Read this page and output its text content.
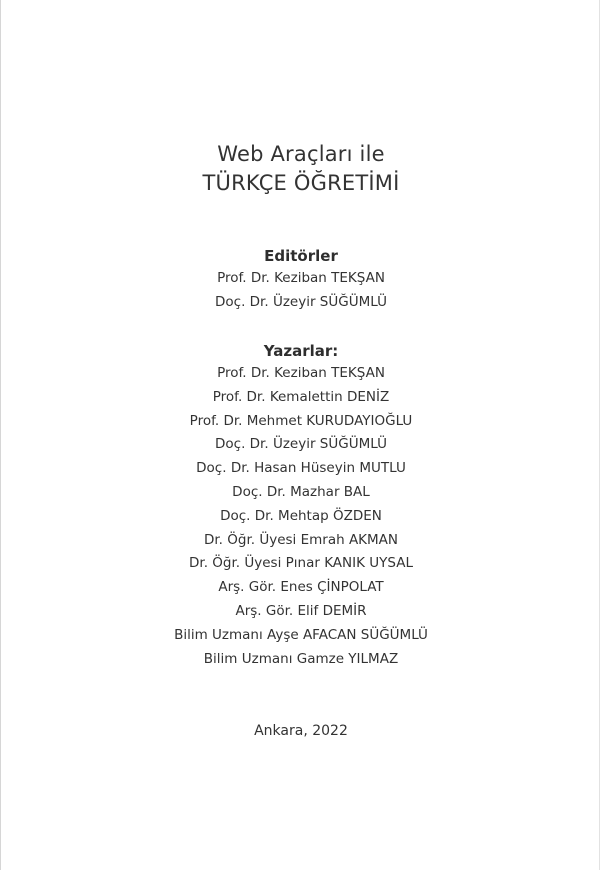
Web Araçları ile
TÜRKÇE ÖĞRETİMİ
Editörler
Prof. Dr. Keziban TEKŞAN
Doç. Dr. Üzeyir SÜĞÜMLÜ
Yazarlar:
Prof. Dr. Keziban TEKŞAN
Prof. Dr. Kemalettin DENİZ
Prof. Dr. Mehmet KURUDAYIOĞLU
Doç. Dr. Üzeyir SÜĞÜMLÜ
Doç. Dr. Hasan Hüseyin MUTLU
Doç. Dr. Mazhar BAL
Doç. Dr. Mehtap ÖZDEN
Dr. Öğr. Üyesi Emrah AKMAN
Dr. Öğr. Üyesi Pınar KANIK UYSAL
Arş. Gör. Enes ÇİNPOLAT
Arş. Gör. Elif DEMİR
Bilim Uzmanı Ayşe AFACAN SÜĞÜMLÜ
Bilim Uzmanı Gamze YILMAZ
Ankara, 2022
